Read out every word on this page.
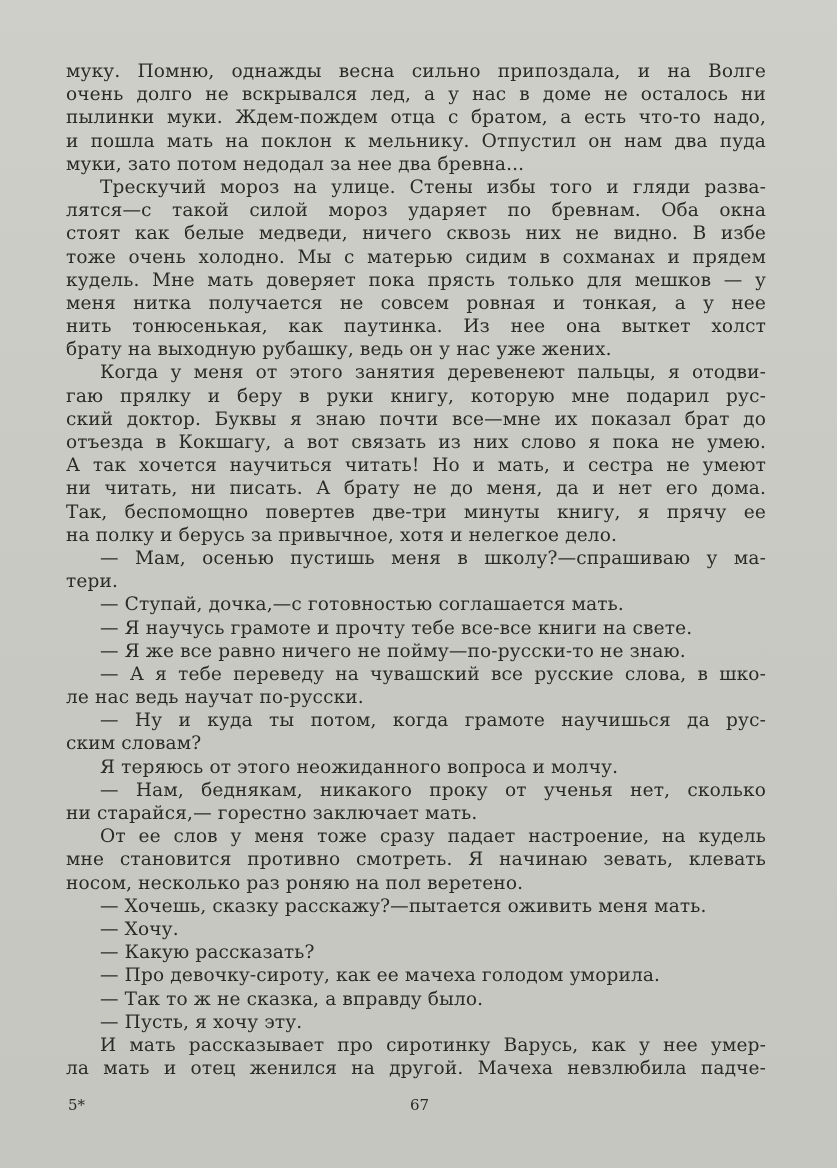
муку. Помню, однажды весна сильно припоздала, и на Волге
очень долго не вскрывался лед, а у нас в доме не осталось ни
пылинки муки. Ждем-пождем отца с братом, а есть что-то надо,
и пошла мать на поклон к мельнику. Отпустил он нам два пуда
муки, зато потом недодал за нее два бревна...
Трескучий мороз на улице. Стены избы того и гляди разва-
лятся—с такой силой мороз ударяет по бревнам. Оба окна
стоят как белые медведи, ничего сквозь них не видно. В избе
тоже очень холодно. Мы с матерью сидим в сохманах и прядем
кудель. Мне мать доверяет пока прясть только для мешков — у
меня нитка получается не совсем ровная и тонкая, а у нее
нить тонюсенькая, как паутинка. Из нее она выткет холст
брату на выходную рубашку, ведь он у нас уже жених.
Когда у меня от этого занятия деревенеют пальцы, я отодви-
гаю прялку и беру в руки книгу, которую мне подарил рус-
ский доктор. Буквы я знаю почти все—мне их показал брат до
отъезда в Кокшагу, а вот связать из них слово я пока не умею.
А так хочется научиться читать! Но и мать, и сестра не умеют
ни читать, ни писать. А брату не до меня, да и нет его дома.
Так, беспомощно повертев две-три минуты книгу, я прячу ее
на полку и берусь за привычное, хотя и нелегкое дело.
— Мам, осенью пустишь меня в школу?—спрашиваю у ма-
тери.
— Ступай, дочка,—с готовностью соглашается мать.
— Я научусь грамоте и прочту тебе все-все книги на свете.
— Я же все равно ничего не пойму—по-русски-то не знаю.
— А я тебе переведу на чувашский все русские слова, в шко-
ле нас ведь научат по-русски.
— Ну и куда ты потом, когда грамоте научишься да рус-
ским словам?
Я теряюсь от этого неожиданного вопроса и молчу.
— Нам, беднякам, никакого проку от ученья нет, сколько
ни старайся,— горестно заключает мать.
От ее слов у меня тоже сразу падает настроение, на кудель
мне становится противно смотреть. Я начинаю зевать, клевать
носом, несколько раз роняю на пол веретено.
— Хочешь, сказку расскажу?—пытается оживить меня мать.
— Хочу.
— Какую рассказать?
— Про девочку-сироту, как ее мачеха голодом уморила.
— Так то ж не сказка, а вправду было.
— Пусть, я хочу эту.
И мать рассказывает про сиротинку Варусь, как у нее умер-
ла мать и отец женился на другой. Мачеха невзлюбила падче-
5*	67
